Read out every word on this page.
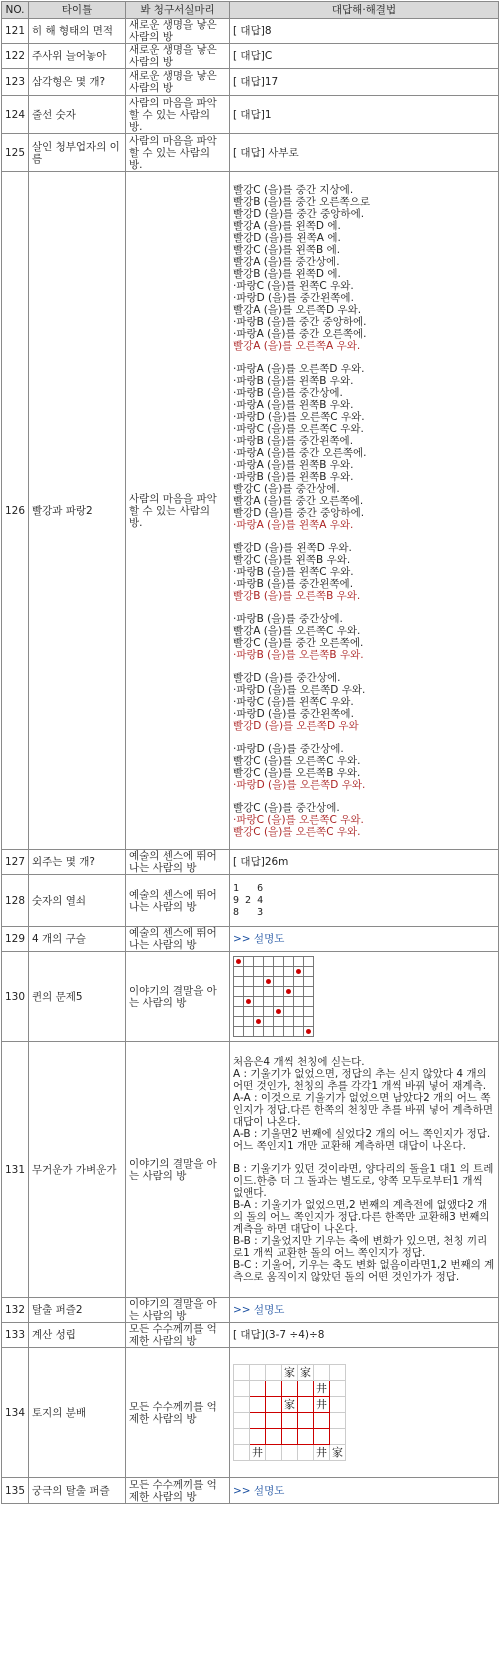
NO.	타이틀	봐 청구서실마리	대답해·해결법
121	히 해 형태의 면적	새로운 생명을 낳은 사람의 방	[ 대답]8
122	주사위 늘어놓아	새로운 생명을 낳은 사람의 방	[ 대답]C
123	삼각형은 몇 개?	새로운 생명을 낳은 사람의 방	[ 대답]17
124	줄선 숫자	사람의 마음을 파악할 수 있는 사람의 방.	[ 대답]1
125	살인 청부업자의 이름	사람의 마음을 파악할 수 있는 사람의 방.	[ 대답] 사부로
126	빨강과 파랑2	사람의 마음을 파악할 수 있는 사람의 방.	
빨강C (을)를 중간 지상에.
빨강B (을)를 중간 오른쪽으로
빨강D (을)를 중간 중앙하에.
빨강A (을)를 왼쪽D 에.
빨강D (을)를 왼쪽A 에.
빨강C (을)를 왼쪽B 에.
빨강A (을)를 중간상에.
빨강B (을)를 왼쪽D 에.
·파랑C (을)를 왼쪽C 우와.
·파랑D (을)를 중간왼쪽에.
빨강A (을)를 오른쪽D 우와.
·파랑B (을)를 중간 중앙하에.
·파랑A (을)를 중간 오른쪽에.
빨강A (을)를 오른쪽A 우와.
·파랑A (을)를 오른쪽D 우와.
·파랑B (을)를 왼쪽B 우와.
·파랑B (을)를 중간상에.
·파랑A (을)를 왼쪽B 우와.
·파랑D (을)를 오른쪽C 우와.
·파랑C (을)를 오른쪽C 우와.
·파랑B (을)를 중간왼쪽에.
·파랑A (을)를 중간 오른쪽에.
·파랑A (을)를 왼쪽B 우와.
·파랑B (을)를 왼쪽B 우와.
빨강C (을)를 중간상에.
빨강A (을)를 중간 오른쪽에.
빨강D (을)를 중간 중앙하에.
·파랑A (을)를 왼쪽A 우와.
빨강D (을)를 왼쪽D 우와.
빨강C (을)를 왼쪽B 우와.
·파랑B (을)를 왼쪽C 우와.
·파랑B (을)를 중간왼쪽에.
빨강B (을)를 오른쪽B 우와.
·파랑B (을)를 중간상에.
빨강A (을)를 오른쪽C 우와.
빨강C (을)를 중간 오른쪽에.
·파랑B (을)를 오른쪽B 우와.
빨강D (을)를 중간상에.
·파랑D (을)를 오른쪽D 우와.
·파랑C (을)를 왼쪽C 우와.
·파랑D (을)를 중간왼쪽에.
빨강D (을)를 오른쪽D 우와
·파랑D (을)를 중간상에.
빨강C (을)를 오른쪽C 우와.
빨강C (을)를 오른쪽B 우와.
·파랑D (을)를 오른쪽D 우와.
빨강C (을)를 중간상에.
·파랑C (을)를 오른쪽C 우와.
빨강C (을)를 오른쪽C 우와.

127	외주는 몇 개?	예술의 센스에 뛰어나는 사람의 방	[ 대답]26m
128	숫자의 열쇠	예술의 센스에 뛰어나는 사람의 방	
1   6
9 2 4
8   3

129	4 개의 구슬	예술의 센스에 뛰어나는 사람의 방	>> 설명도
130	퀸의 문제5	이야기의 결말을 아는 사람의 방	

131	무거운가 가벼운가	이야기의 결말을 아는 사람의 방	
처음은4 개씩 천칭에 싣는다.
A : 기울기가 없었으면, 정답의 추는 싣지 않았다 4 개의 어떤 것인가, 천칭의 추를 각각1 개씩 바꿔 넣어 재계측.
A-A : 이것으로 기울기가 없었으면 남았다2 개의 어느 쪽인지가 정답.다른 한쪽의 천칭만 추를 바꿔 넣어 계측하면 대답이 나온다.
A-B : 기울면2 번째에 실었다2 개의 어느 쪽인지가 정답.어느 쪽인지1 개만 교환해 계측하면 대답이 나온다.
B : 기울기가 있던 것이라면, 양다리의 돌을1 대1 의 트레이드.한층 더 그 돌과는 별도로, 양쪽 모두로부터1 개씩 없앤다.
B-A : 기울기가 없었으면,2 번째의 계측전에 없앴다2 개의 돌의 어느 쪽인지가 정답.다른 한쪽만 교환해3 번째의 계측을 하면 대답이 나온다.
B-B : 기울었지만 기우는 축에 변화가 있으면, 천칭 끼리로1 개씩 교환한 돌의 어느 쪽인지가 정답.
B-C : 기울어, 기우는 축도 변화 없음이라면1,2 번째의 계측으로 움직이지 않았던 돌의 어떤 것인가가 정답.

132	탈출 퍼즐2	이야기의 결말을 아는 사람의 방	>> 설명도
133	계산 성립	모든 수수께끼를 억제한 사람의 방	[ 대답](3-7 ÷4)÷8
134	토지의 분배	모든 수수께끼를 억제한 사람의 방	
			家	家		
					井	
			家		井	

	井				井	家

135	궁극의 탈출 퍼즐	모든 수수께끼를 억제한 사람의 방	>> 설명도
